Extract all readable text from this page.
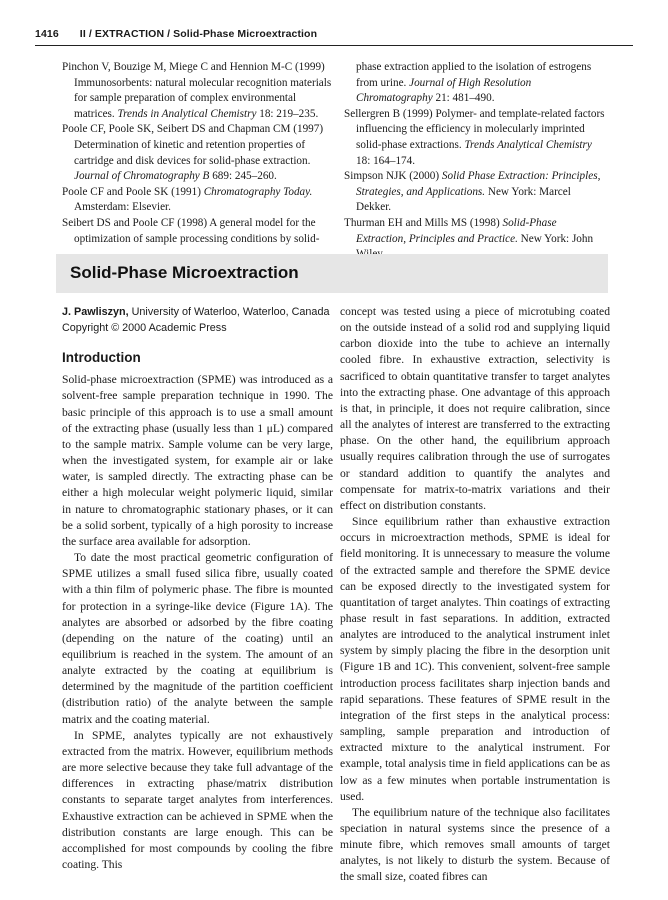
1416 II / EXTRACTION / Solid-Phase Microextraction

Pinchon V, Bouzige M, Miege C and Hennion M-C (1999) Immunosorbents: natural molecular recognition materials for sample preparation of complex environmental matrices. Trends in Analytical Chemistry 18: 219–235.

Poole CF, Poole SK, Seibert DS and Chapman CM (1997) Determination of kinetic and retention properties of cartridge and disk devices for solid-phase extraction. Journal of Chromatography B 689: 245–260.

Poole CF and Poole SK (1991) Chromatography Today. Amsterdam: Elsevier.

Seibert DS and Poole CF (1998) A general model for the optimization of sample processing conditions by solid-

phase extraction applied to the isolation of estrogens from urine. Journal of High Resolution Chromatography 21: 481–490.

Sellergren B (1999) Polymer- and template-related factors influencing the efficiency in molecularly imprinted solid-phase extractions. Trends Analytical Chemistry 18: 164–174.

Simpson NJK (2000) Solid Phase Extraction: Principles, Strategies, and Applications. New York: Marcel Dekker.

Thurman EH and Mills MS (1998) Solid-Phase Extraction, Principles and Practice. New York: John

Solid-Phase Microextraction

J. Pawliszyn, University of Waterloo, Waterloo, Canada

Copyright © 2000 Academic Press

Introduction

Solid-phase microextraction (SPME) was introduced as a solvent-free sample preparation technique in 1990. The basic principle of this approach is to use a small amount of the extracting phase (usually less than 1 μL) compared to the sample matrix. Sample volume can be very large, when the investigated system, for example air or lake water, is sampled directly. The extracting phase can be either a high molecular weight polymeric liquid, similar in nature to chromatographic stationary phases, or it can be a solid sorbent, typically of a high porosity to increase the surface area available for adsorption.

To date the most practical geometric configuration of SPME utilizes a small fused silica fibre, usually coated with a thin film of polymeric phase. The fibre is mounted for protection in a syringe-like device (Figure 1A). The analytes are absorbed or adsorbed by the fibre coating (depending on the nature of the coating) until an equilibrium is reached in the system. The amount of an analyte extracted by the coating at equilibrium is determined by the magnitude of the partition coefficient (distribution ratio) of the analyte between the sample matrix and the coating material.

In SPME, analytes typically are not exhaustively extracted from the matrix. However, equilibrium methods are more selective because they take full advantage of the differences in extracting phase/matrix distribution constants to separate target analytes from interferences. Exhaustive extraction can be achieved in SPME when the distribution constants are large enough. This can be accomplished for most compounds by cooling the fibre coating. This

concept was tested using a piece of microtubing coated on the outside instead of a solid rod and supplying liquid carbon dioxide into the tube to achieve an internally cooled fibre. In exhaustive extraction, selectivity is sacrificed to obtain quantitative transfer to target analytes into the extracting phase. One advantage of this approach is that, in principle, it does not require calibration, since all the analytes of interest are transferred to the extracting phase. On the other hand, the equilibrium approach usually requires calibration through the use of surrogates or standard addition to quantify the analytes and compensate for matrix-to-matrix variations and their effect on distribution constants.

Since equilibrium rather than exhaustive extraction occurs in microextraction methods, SPME is ideal for field monitoring. It is unnecessary to measure the volume of the extracted sample and therefore the SPME device can be exposed directly to the investigated system for quantitation of target analytes. Thin coatings of extracting phase result in fast separations. In addition, extracted analytes are introduced to the analytical instrument inlet system by simply placing the fibre in the desorption unit (Figure 1B and 1C). This convenient, solvent-free sample introduction process facilitates sharp injection bands and rapid separations. These features of SPME result in the integration of the first steps in the analytical process: sampling, sample preparation and introduction of extracted mixture to the analytical instrument. For example, total analysis time in field applications can be as low as a few minutes when portable instrumentation is used.

The equilibrium nature of the technique also facilitates speciation in natural systems since the presence of a minute fibre, which removes small amounts of target analytes, is not likely to disturb the system. Because of the small size, coated fibres can
